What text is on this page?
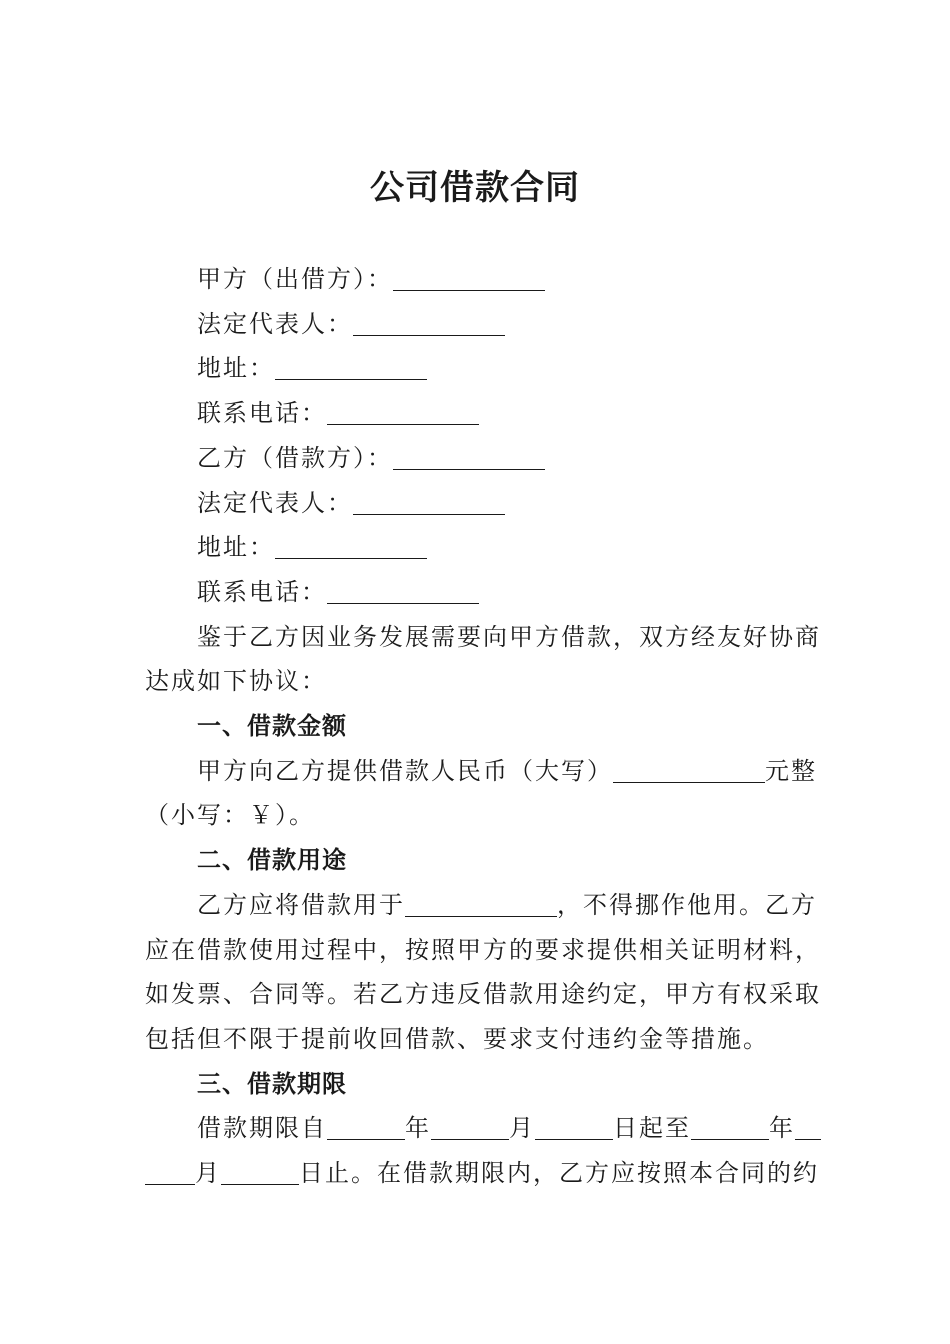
公司借款合同
甲方（出借方）：
法定代表人：
地址：
联系电话：
乙方（借款方）：
法定代表人：
地址：
联系电话：
鉴于乙方因业务发展需要向甲方借款，双方经友好协商
达成如下协议：
一、借款金额
甲方向乙方提供借款人民币（大写）	元整
（小写：￥）。
二、借款用途
乙方应将借款用于	，不得挪作他用。乙方
应在借款使用过程中，按照甲方的要求提供相关证明材料，
如发票、合同等。若乙方违反借款用途约定，甲方有权采取
包括但不限于提前收回借款、要求支付违约金等措施。
三、借款期限
借款期限自	年	月	日起至	年
月	日止。在借款期限内，乙方应按照本合同的约
